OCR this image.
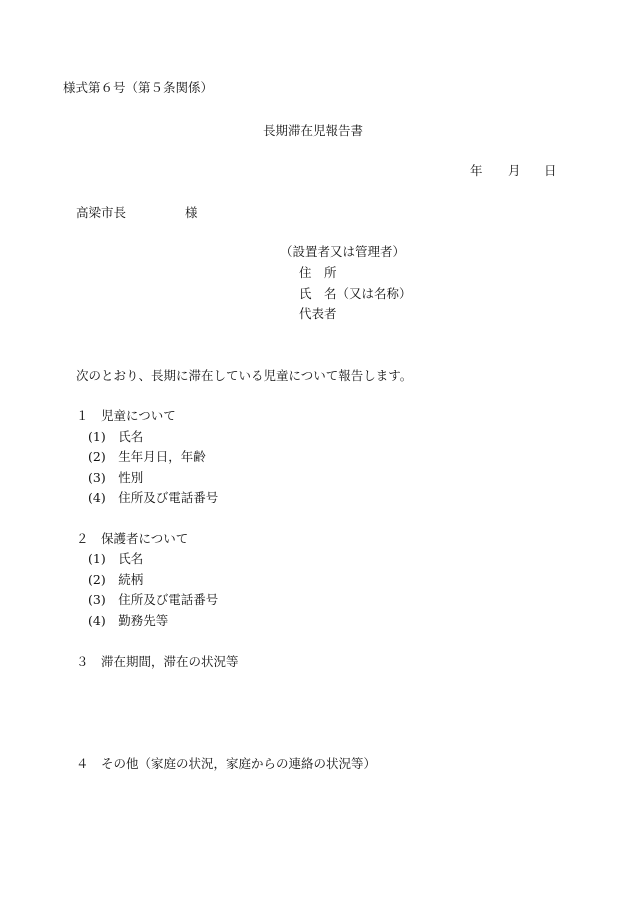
様式第６号（第５条関係）
長期滞在児報告書
年 月 日
高梁市長	様
（設置者又は管理者）
住　所
氏　名（又は名称）
代表者
次のとおり、長期に滞在している児童について報告します。
１　児童について
(1)　氏名
(2)　生年月日，年齢
(3)　性別
(4)　住所及び電話番号
２　保護者について
(1)　氏名
(2)　続柄
(3)　住所及び電話番号
(4)　勤務先等
３　滞在期間，滞在の状況等
４　その他（家庭の状況，家庭からの連絡の状況等）
